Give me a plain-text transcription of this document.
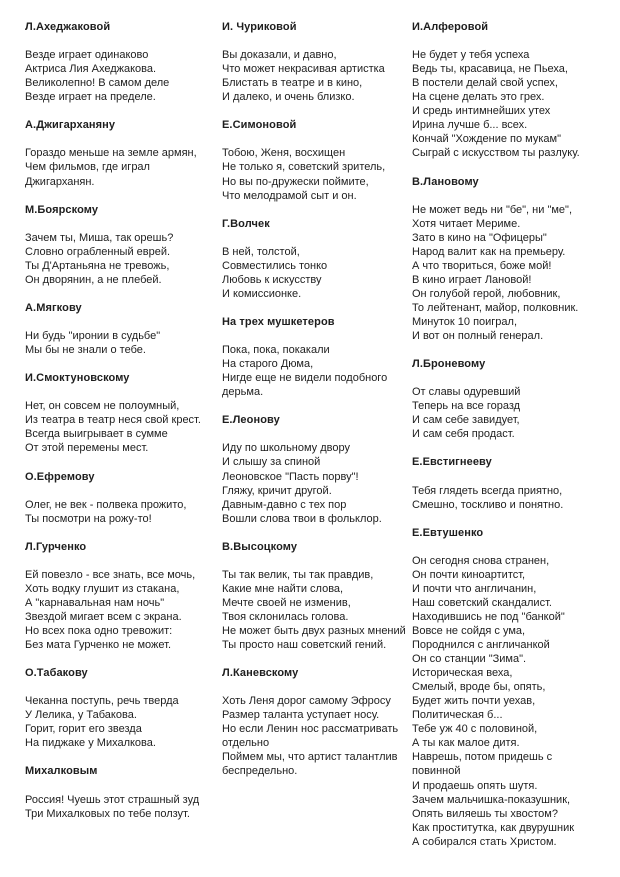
Л.Ахеджаковой
Везде играет одинаково
Актриса Лия Ахеджакова.
Великолепно! В самом деле
Везде играет на пределе.
А.Джигарханяну
Гораздо меньше на земле армян,
Чем фильмов, где играл
Джигарханян.
М.Боярскому
Зачем ты, Миша, так орешь?
Словно ограбленный еврей.
Ты Д'Артаньяна не тревожь,
Он дворянин, а не плебей.
А.Мягкову
Ни будь "иронии в судьбе"
Мы бы не знали о тебе.
И.Смоктуновскому
Нет, он совсем не полоумный,
Из театра в театр неся свой крест.
Всегда выигрывает в сумме
От этой перемены мест.
О.Ефремову
Олег, не век - полвека прожито,
Ты посмотри на рожу-то!
Л.Гурченко
Ей повезло - все знать, все мочь,
Хоть водку глушит из стакана,
А "карнавальная нам ночь"
Звездой мигает всем с экрана.
Но всех пока одно тревожит:
Без мата Гурченко не может.
О.Табакову
Чеканна поступь, речь тверда
У Лелика, у Табакова.
Горит, горит его звезда
На пиджаке у Михалкова.
Михалковым
Россия! Чуешь этот страшный зуд
Три Михалковых по тебе ползут.
И. Чуриковой
Вы доказали, и давно,
Что может некрасивая артистка
Блистать в театре и в кино,
И далеко, и очень близко.
Е.Симоновой
Тобою, Женя, восхищен
Не только я, советский зритель,
Но вы по-дружески поймите,
Что мелодрамой сыт и он.
Г.Волчек
В ней, толстой,
Совместились тонко
Любовь к искусству
И комиссионке.
На трех мушкетеров
Пока, пока, покакали
На старого Дюма,
Нигде еще не видели подобного
дерьма.
Е.Леонову
Иду по школьному двору
И слышу за спиной
Леоновское "Пасть порву"!
Гляжу, кричит другой.
Давным-давно с тех пор
Вошли слова твои в фольклор.
В.Высоцкому
Ты так велик, ты так правдив,
Какие мне найти слова,
Мечте своей не изменив,
Твоя склонилась голова.
Не может быть двух разных мнений
Ты просто наш советский гений.
Л.Каневскому
Хоть Леня дорог самому Эфросу
Размер таланта уступает носу.
Но если Ленин нос рассматривать
отдельно
Поймем мы, что артист талантлив
беспредельно.
И.Алферовой
Не будет у тебя успеха
Ведь ты, красавица, не Пьеха,
В постели делай свой успех,
На сцене делать это грех.
И средь интимнейших утех
Ирина лучше б... всех.
Кончай "Хождение по мукам"
Сыграй с искусством ты разлуку.
В.Лановому
Не может ведь ни "бе", ни "ме",
Хотя читает Мериме.
Зато в кино на "Офицеры"
Народ валит как на премьеру.
А что твориться, боже мой!
В кино играет Лановой!
Он голубой герой, любовник,
То лейтенант, майор, полковник.
Минуток 10 поиграл,
И вот он полный генерал.
Л.Броневому
От славы одуревший
Теперь на все горазд
И сам себе завидует,
И сам себя продаст.
Е.Евстигнееву
Тебя глядеть всегда приятно,
Смешно, тоскливо и понятно.
Е.Евтушенко
Он сегодня снова странен,
Он почти киноартитст,
И почти что англичанин,
Наш советский скандалист.
Находившись не под "банкой"
Вовсе не сойдя с ума,
Породнился с англичанкой
Он со станции "Зима".
Историческая веха,
Смелый, вроде бы, опять,
Будет жить почти уехав,
Политическая б...
Тебе уж 40 с половиной,
А ты как малое дитя.
Наврешь, потом придешь с
повинной
И продаешь опять шутя.
Зачем мальчишка-показушник,
Опять виляешь ты хвостом?
Как проститутка, как двурушник
А собирался стать Христом.
